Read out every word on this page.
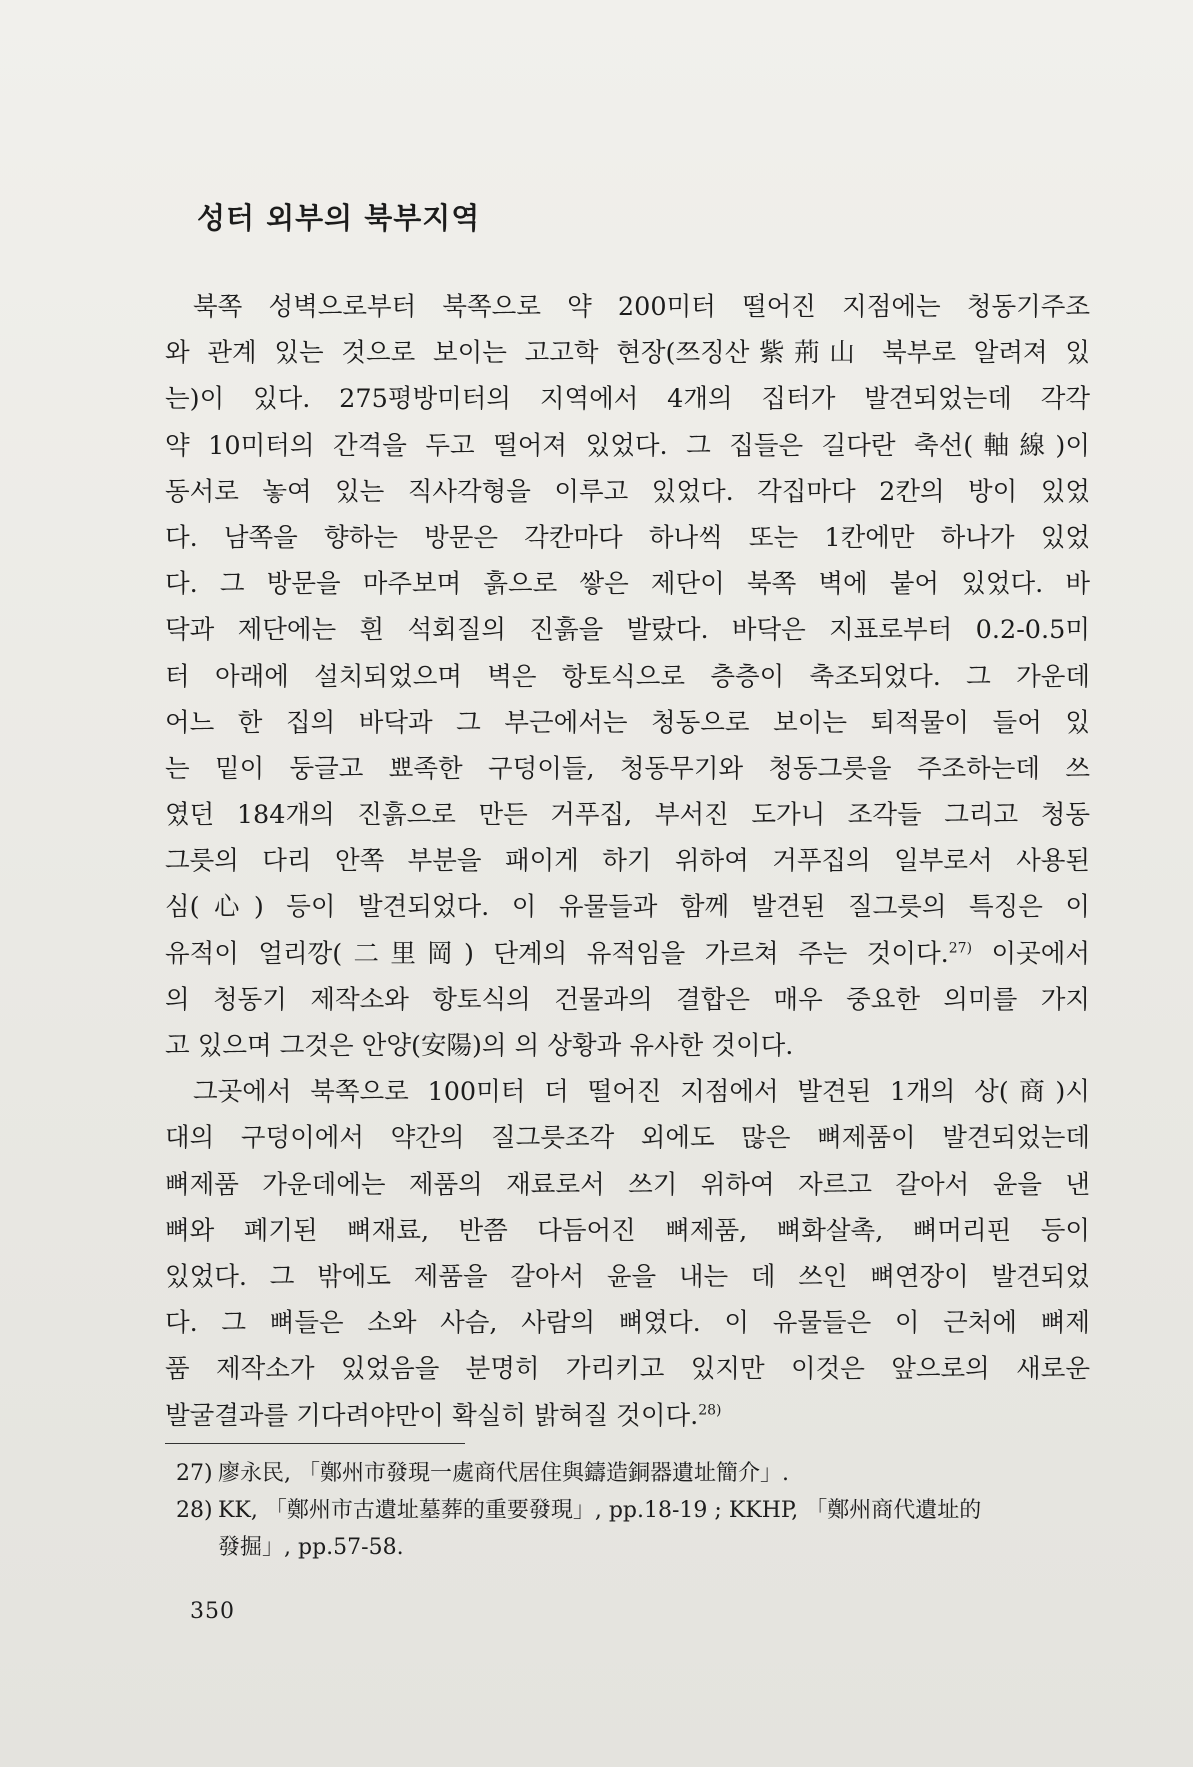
성터 외부의 북부지역
북쪽 성벽으로부터 북쪽으로 약 200미터 떨어진 지점에는 청동기주조
와 관계 있는 것으로 보이는 고고학 현장(쯔징산紫荊山 북부로 알려져 있
는)이 있다. 275평방미터의 지역에서 4개의 집터가 발견되었는데 각각
약 10미터의 간격을 두고 떨어져 있었다. 그 집들은 길다란 축선(軸線)이
동서로 놓여 있는 직사각형을 이루고 있었다. 각집마다 2칸의 방이 있었
다. 남쪽을 향하는 방문은 각칸마다 하나씩 또는 1칸에만 하나가 있었
다. 그 방문을 마주보며 흙으로 쌓은 제단이 북쪽 벽에 붙어 있었다. 바
닥과 제단에는 흰 석회질의 진흙을 발랐다. 바닥은 지표로부터 0.2-0.5미
터 아래에 설치되었으며 벽은 항토식으로 층층이 축조되었다. 그 가운데
어느 한 집의 바닥과 그 부근에서는 청동으로 보이는 퇴적물이 들어 있
는 밑이 둥글고 뾰족한 구덩이들, 청동무기와 청동그릇을 주조하는데 쓰
였던 184개의 진흙으로 만든 거푸집, 부서진 도가니 조각들 그리고 청동
그릇의 다리 안쪽 부분을 패이게 하기 위하여 거푸집의 일부로서 사용된
심(心) 등이 발견되었다. 이 유물들과 함께 발견된 질그릇의 특징은 이
유적이 얼리깡(二里岡) 단계의 유적임을 가르쳐 주는 것이다.$^{27)}$ 이곳에서
의 청동기 제작소와 항토식의 건물과의 결합은 매우 중요한 의미를 가지
고 있으며 그것은 안양(安陽)의 의 상황과 유사한 것이다.
그곳에서 북쪽으로 100미터 더 떨어진 지점에서 발견된 1개의 상(商)시
대의 구덩이에서 약간의 질그릇조각 외에도 많은 뼈제품이 발견되었는데
뼈제품 가운데에는 제품의 재료로서 쓰기 위하여 자르고 갈아서 윤을 낸
뼈와 폐기된 뼈재료, 반쯤 다듬어진 뼈제품, 뼈화살촉, 뼈머리핀 등이
있었다. 그 밖에도 제품을 갈아서 윤을 내는 데 쓰인 뼈연장이 발견되었
다. 그 뼈들은 소와 사슴, 사람의 뼈였다. 이 유물들은 이 근처에 뼈제
품 제작소가 있었음을 분명히 가리키고 있지만 이것은 앞으로의 새로운
발굴결과를 기다려야만이 확실히 밝혀질 것이다.$^{28)}$
27) 廖永民, 「鄭州市發現一處商代居住與鑄造銅器遺址簡介」.
28) KK, 「鄭州市古遺址墓葬的重要發現」, pp.18-19 ; KKHP, 「鄭州商代遺址的
發掘」, pp.57-58.
350
